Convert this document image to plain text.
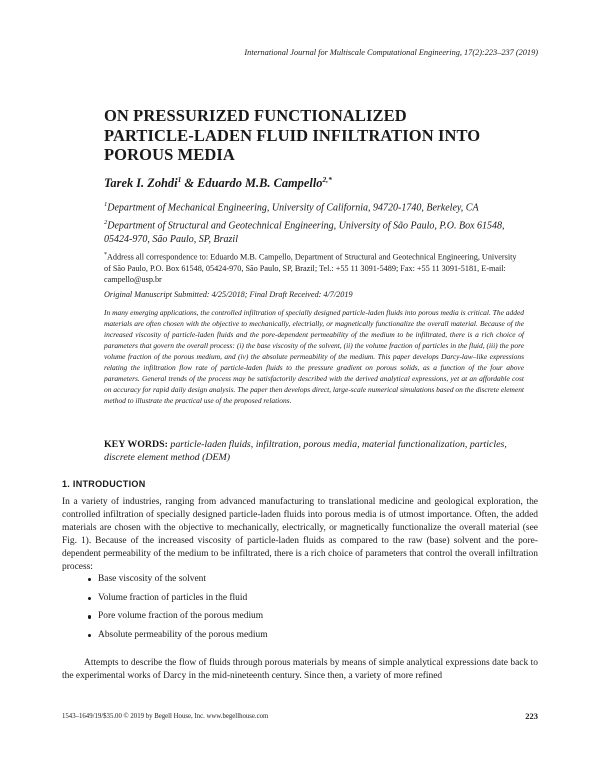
International Journal for Multiscale Computational Engineering, 17(2):223–237 (2019)
ON PRESSURIZED FUNCTIONALIZED
PARTICLE-LADEN FLUID INFILTRATION INTO
POROUS MEDIA
Tarek I. Zohdi$^1$ & Eduardo M.B. Campello$^{2,*}$
$^1$Department of Mechanical Engineering, University of California, 94720-1740, Berkeley, CA
$^2$Department of Structural and Geotechnical Engineering, University of São Paulo, P.O. Box 61548, 05424-970, São Paulo, SP, Brazil
*Address all correspondence to: Eduardo M.B. Campello, Department of Structural and Geotechnical Engineering, University of São Paulo, P.O. Box 61548, 05424-970, São Paulo, SP, Brazil; Tel.: +55 11 3091-5489; Fax: +55 11 3091-5181, E-mail: campello@usp.br
Original Manuscript Submitted: 4/25/2018; Final Draft Received: 4/7/2019
In many emerging applications, the controlled infiltration of specially designed particle-laden fluids into porous media is critical. The added materials are often chosen with the objective to mechanically, electrially, or magnetically functionalize the overall material. Because of the increased viscosity of particle-laden fluids and the pore-dependent permeability of the medium to be infiltrated, there is a rich choice of parameters that govern the overall process: (i) the base viscosity of the solvent, (ii) the volume fraction of particles in the fluid, (iii) the pore volume fraction of the porous medium, and (iv) the absolute permeability of the medium. This paper develops Darcy-law–like expressions relating the infiltration flow rate of particle-laden fluids to the pressure gradient on porous solids, as a function of the four above parameters. General trends of the process may be satisfactorily described with the derived analytical expressions, yet at an affordable cost on accuracy for rapid daily design analysis. The paper then develops direct, large-scale numerical simulations based on the discrete element method to illustrate the practical use of the proposed relations.
KEY WORDS: particle-laden fluids, infiltration, porous media, material functionalization, particles, discrete element method (DEM)
1. INTRODUCTION
In a variety of industries, ranging from advanced manufacturing to translational medicine and geological exploration, the controlled infiltration of specially designed particle-laden fluids into porous media is of utmost importance. Often, the added materials are chosen with the objective to mechanically, electrically, or magnetically functionalize the overall material (see Fig. 1). Because of the increased viscosity of particle-laden fluids as compared to the raw (base) solvent and the pore-dependent permeability of the medium to be infiltrated, there is a rich choice of parameters that control the overall infiltration process:
Base viscosity of the solvent
Volume fraction of particles in the fluid
Pore volume fraction of the porous medium
Absolute permeability of the porous medium
Attempts to describe the flow of fluids through porous materials by means of simple analytical expressions date back to the experimental works of Darcy in the mid-nineteenth century. Since then, a variety of more refined
1543–1649/19/$35.00 © 2019 by Begell House, Inc. www.begellhouse.com	223
